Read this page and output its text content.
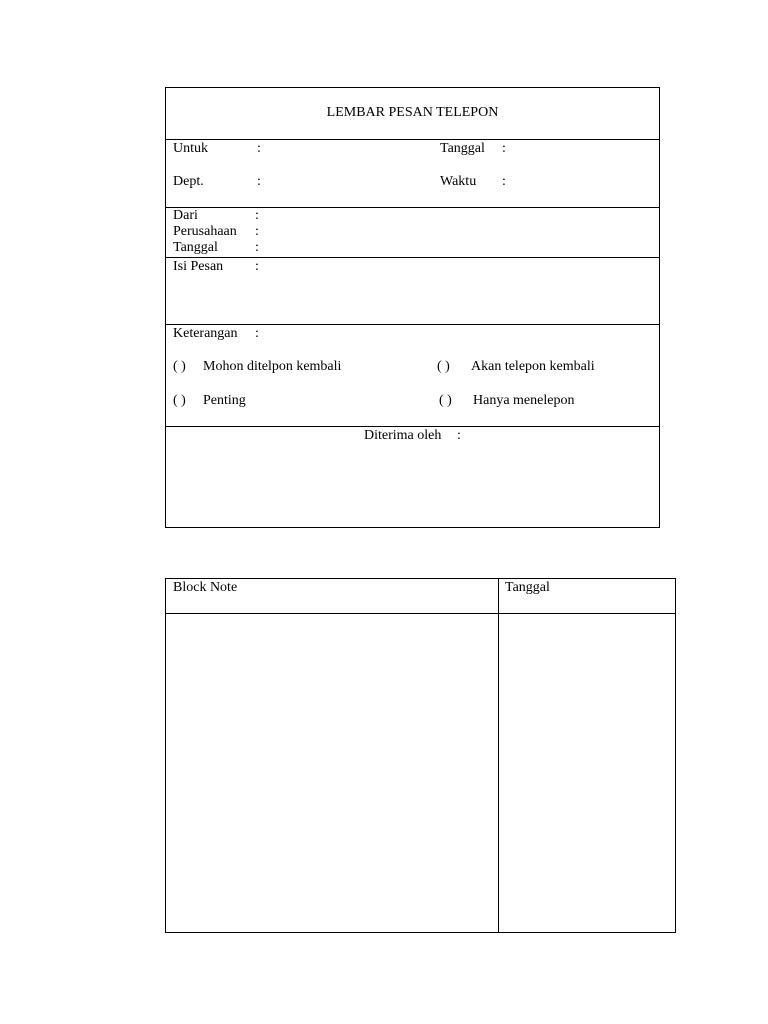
LEMBAR PESAN TELEPON
Untuk	:	Tanggal :
Dept.	:	Waktu :
Dari	:
Perusahaan :
Tanggal	:
Isi Pesan :
Keterangan :
( ) Mohon ditelpon kembali	( ) Akan telepon kembali
( ) Penting	( ) Hanya menelepon
Diterima oleh :
Block Note	Tanggal
